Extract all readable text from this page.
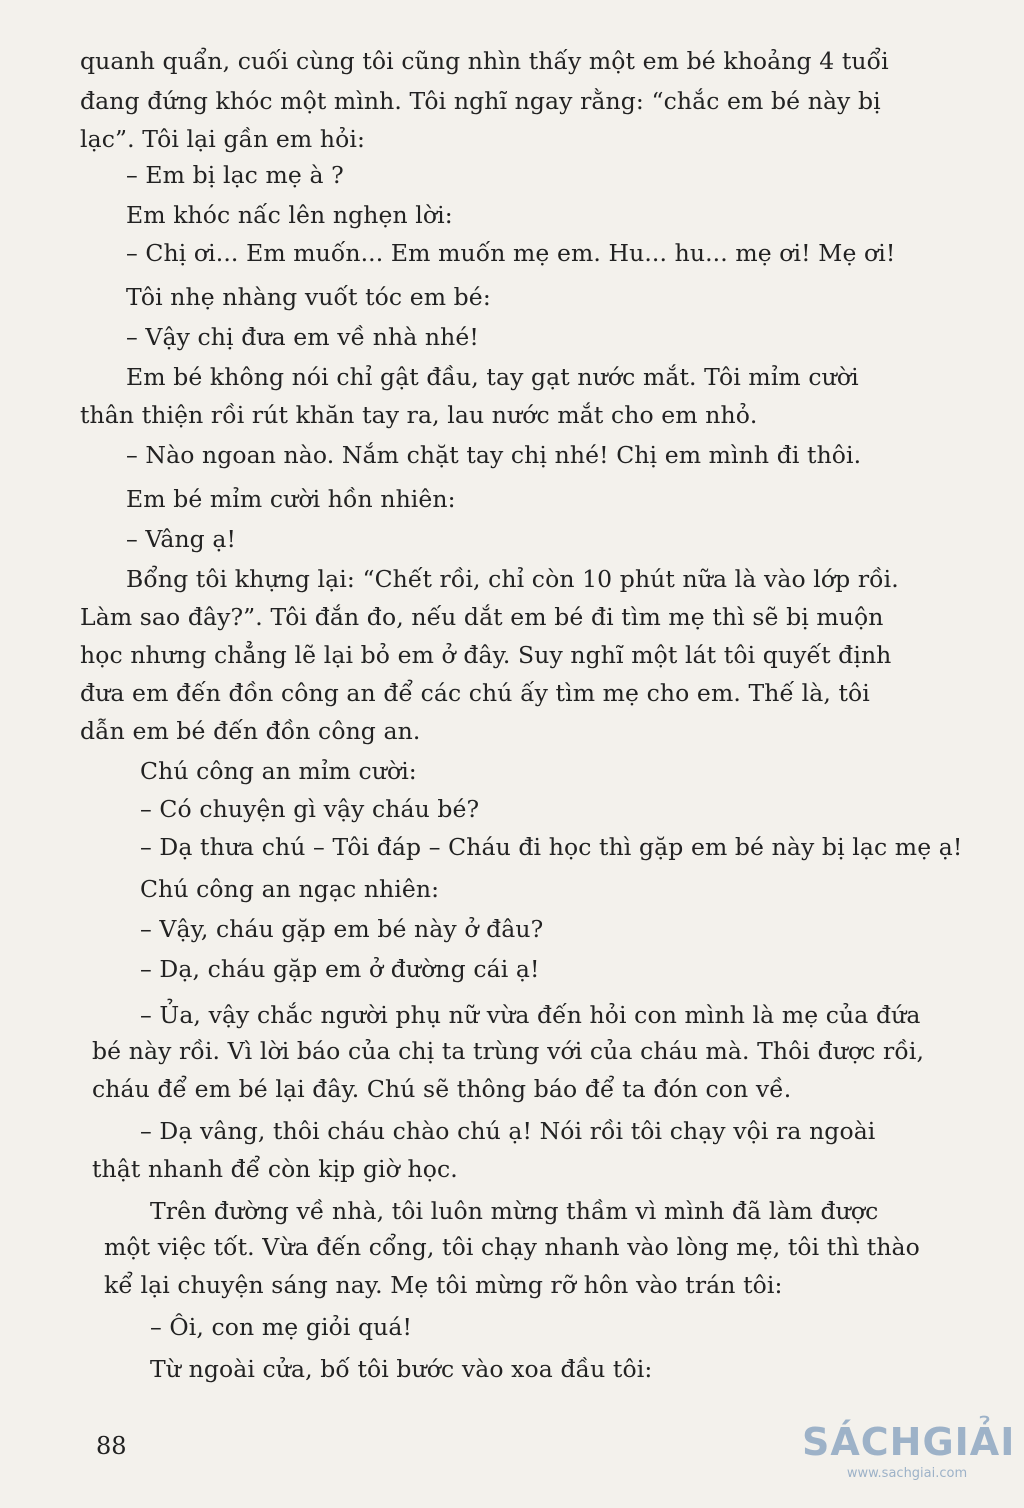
quanh quẩn, cuối cùng tôi cũng nhìn thấy một em bé khoảng 4 tuổi
đang đứng khóc một mình. Tôi nghĩ ngay rằng: “chắc em bé này bị
lạc”. Tôi lại gần em hỏi:
– Em bị lạc mẹ à ?
Em khóc nấc lên nghẹn lời:
– Chị ơi... Em muốn... Em muốn mẹ em. Hu... hu... mẹ ơi! Mẹ ơi!
Tôi nhẹ nhàng vuốt tóc em bé:
– Vậy chị đưa em về nhà nhé!
Em bé không nói chỉ gật đầu, tay gạt nước mắt. Tôi mỉm cười
thân thiện rồi rút khăn tay ra, lau nước mắt cho em nhỏ.
– Nào ngoan nào. Nắm chặt tay chị nhé! Chị em mình đi thôi.
Em bé mỉm cười hồn nhiên:
– Vâng ạ!
Bổng tôi khựng lại: “Chết rồi, chỉ còn 10 phút nữa là vào lớp rồi.
Làm sao đây?”. Tôi đắn đo, nếu dắt em bé đi tìm mẹ thì sẽ bị muộn
học nhưng chẳng lẽ lại bỏ em ở đây. Suy nghĩ một lát tôi quyết định
đưa em đến đồn công an để các chú ấy tìm mẹ cho em. Thế là, tôi
dẫn em bé đến đồn công an.
Chú công an mỉm cười:
– Có chuyện gì vậy cháu bé?
– Dạ thưa chú – Tôi đáp – Cháu đi học thì gặp em bé này bị lạc mẹ ạ!
Chú công an ngạc nhiên:
– Vậy, cháu gặp em bé này ở đâu?
– Dạ, cháu gặp em ở đường cái ạ!
– Ủa, vậy chắc người phụ nữ vừa đến hỏi con mình là mẹ của đứa
bé này rồi. Vì lời báo của chị ta trùng với của cháu mà. Thôi được rồi,
cháu để em bé lại đây. Chú sẽ thông báo để ta đón con về.
– Dạ vâng, thôi cháu chào chú ạ! Nói rồi tôi chạy vội ra ngoài
thật nhanh để còn kịp giờ học.
Trên đường về nhà, tôi luôn mừng thầm vì mình đã làm được
một việc tốt. Vừa đến cổng, tôi chạy nhanh vào lòng mẹ, tôi thì thào
kể lại chuyện sáng nay. Mẹ tôi mừng rỡ hôn vào trán tôi:
– Ôi, con mẹ giỏi quá!
Từ ngoài cửa, bố tôi bước vào xoa đầu tôi:
88	SÁCHGIẢI
www.sachgiai.com
